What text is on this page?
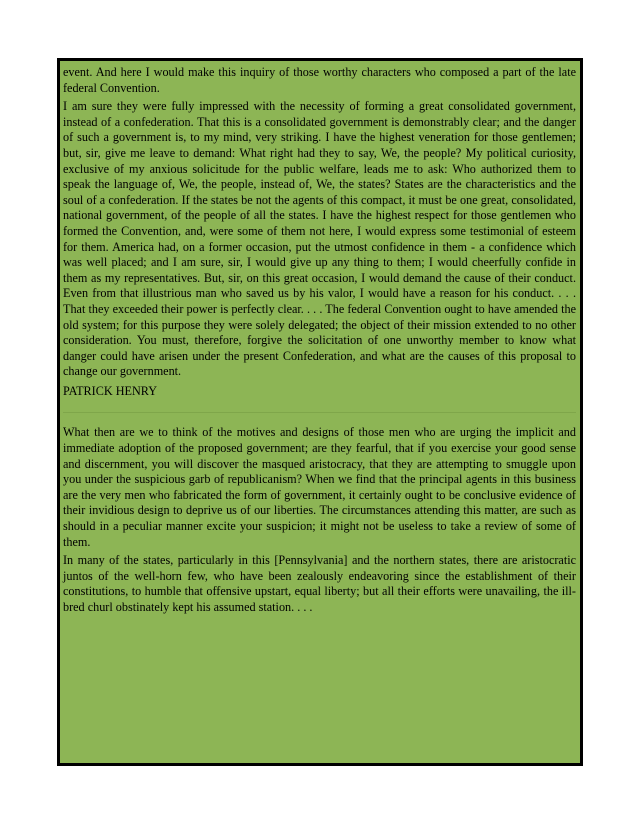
event. And here I would make this inquiry of those worthy characters who composed a part of the late federal Convention.

I am sure they were fully impressed with the necessity of forming a great consolidated government, instead of a confederation. That this is a consolidated government is demonstrably clear; and the danger of such a government is, to my mind, very striking. I have the highest veneration for those gentlemen; but, sir, give me leave to demand: What right had they to say, We, the people? My political curiosity, exclusive of my anxious solicitude for the public welfare, leads me to ask: Who authorized them to speak the language of, We, the people, instead of, We, the states? States are the characteristics and the soul of a confederation. If the states be not the agents of this compact, it must be one great, consolidated, national government, of the people of all the states. I have the highest respect for those gentlemen who formed the Convention, and, were some of them not here, I would express some testimonial of esteem for them. America had, on a former occasion, put the utmost confidence in them - a confidence which was well placed; and I am sure, sir, I would give up any thing to them; I would cheerfully confide in them as my representatives. But, sir, on this great occasion, I would demand the cause of their conduct. Even from that illustrious man who saved us by his valor, I would have a reason for his conduct. . . . That they exceeded their power is perfectly clear. . . . The federal Convention ought to have amended the old system; for this purpose they were solely delegated; the object of their mission extended to no other consideration. You must, therefore, forgive the solicitation of one unworthy member to know what danger could have arisen under the present Confederation, and what are the causes of this proposal to change our government.

PATRICK HENRY

What then are we to think of the motives and designs of those men who are urging the implicit and immediate adoption of the proposed government; are they fearful, that if you exercise your good sense and discernment, you will discover the masqued aristocracy, that they are attempting to smuggle upon you under the suspicious garb of republicanism? When we find that the principal agents in this business are the very men who fabricated the form of government, it certainly ought to be conclusive evidence of their invidious design to deprive us of our liberties. The circumstances attending this matter, are such as should in a peculiar manner excite your suspicion; it might not be useless to take a review of some of them.

In many of the states, particularly in this [Pennsylvania] and the northern states, there are aristocratic juntos of the well-horn few, who have been zealously endeavoring since the establishment of their constitutions, to humble that offensive upstart, equal liberty; but all their efforts were unavailing, the ill-bred churl obstinately kept his assumed station. . . .
